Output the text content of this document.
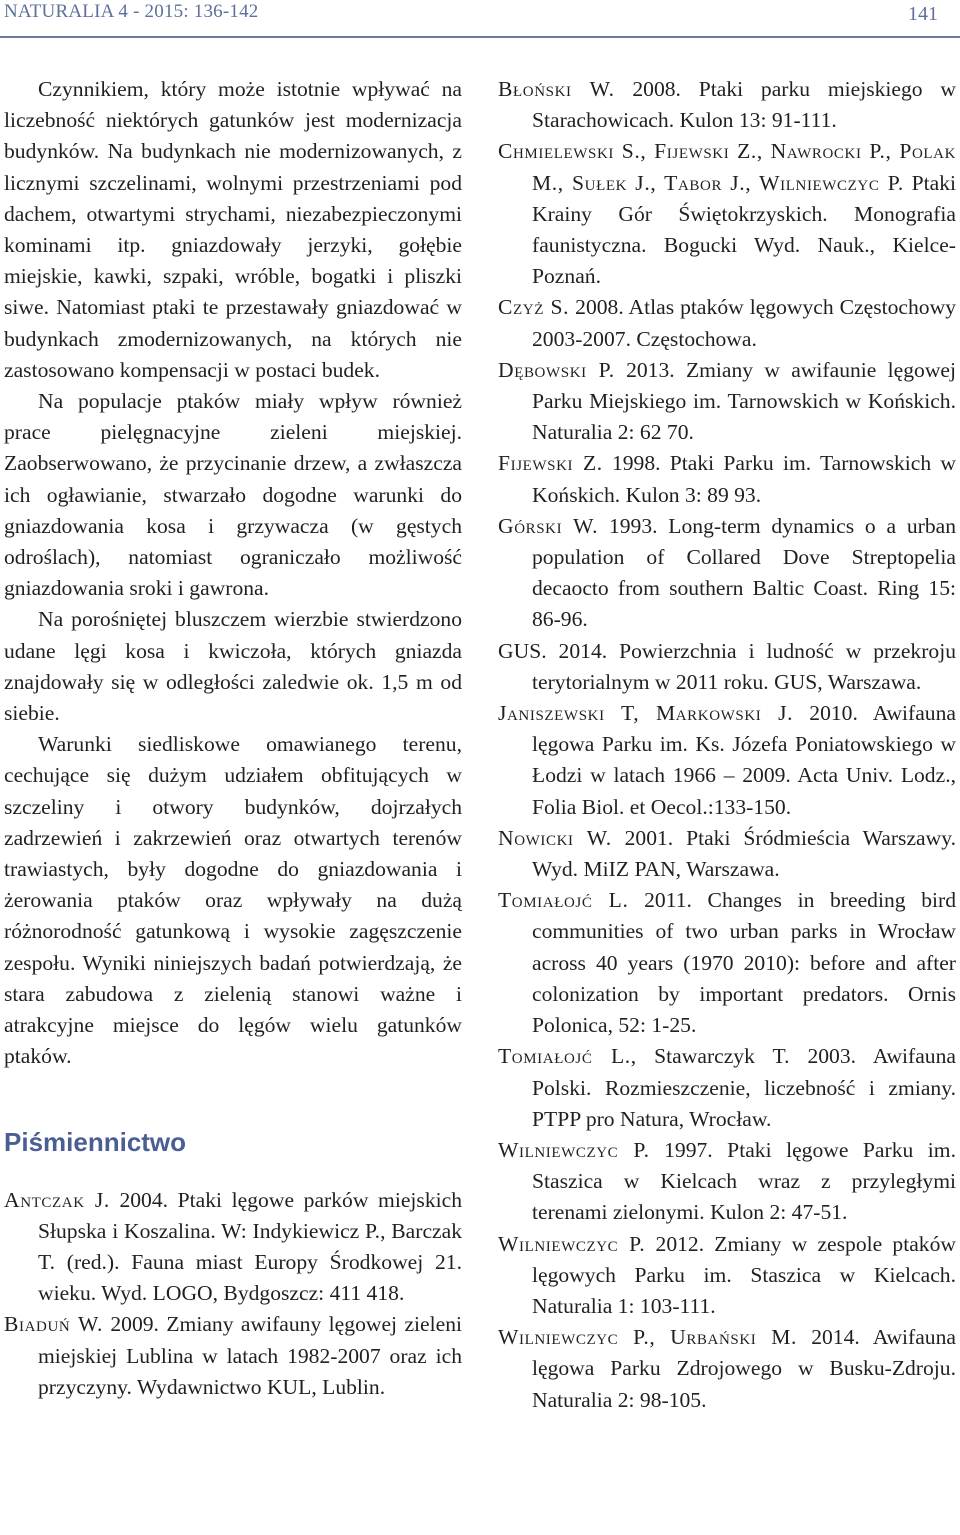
NATURALIA 4 - 2015: 136-142	141

Czynnikiem, który może istotnie wpływać na liczebność niektórych gatunków jest modernizacja budynków. Na budynkach nie modernizowanych, z licznymi szczelinami, wolnymi przestrzeniami pod dachem, otwartymi strychami, niezabezpieczonymi kominami itp. gniazdowały jerzyki, gołębie miejskie, kawki, szpaki, wróble, bogatki i pliszki siwe. Natomiast ptaki te przestawały gniazdować w budynkach zmodernizowanych, na których nie zastosowano kompensacji w postaci budek.

Na populacje ptaków miały wpływ również prace pielęgnacyjne zieleni miejskiej. Zaobserwowano, że przycinanie drzew, a zwłaszcza ich ogławianie, stwarzało dogodne warunki do gniazdowania kosa i grzywacza (w gęstych odroślach), natomiast ograniczało możliwość gniazdowania sroki i gawrona.

Na porośniętej bluszczem wierzbie stwierdzono udane lęgi kosa i kwiczoła, których gniazda znajdowały się w odległości zaledwie ok. 1,5 m od siebie.

Warunki siedliskowe omawianego terenu, cechujące się dużym udziałem obfitujących w szczeliny i otwory budynków, dojrzałych zadrzewień i zakrzewień oraz otwartych terenów trawiastych, były dogodne do gniazdowania i żerowania ptaków oraz wpływały na dużą różnorodność gatunkową i wysokie zagęszczenie zespołu. Wyniki niniejszych badań potwierdzają, że stara zabudowa z zielenią stanowi ważne i atrakcyjne miejsce do lęgów wielu gatunków ptaków.

Piśmiennictwo

Antczak J. 2004. Ptaki lęgowe parków miejskich Słupska i Koszalina. W: Indykiewicz P., Barczak T. (red.). Fauna miast Europy Środkowej 21. wieku. Wyd. LOGO, Bydgoszcz: 411 418.

Biaduń W. 2009. Zmiany awifauny lęgowej zieleni miejskiej Lublina w latach 1982-2007 oraz ich przyczyny. Wydawnictwo KUL, Lublin.

Błoński W. 2008. Ptaki parku miejskiego w Starachowicach. Kulon 13: 91-111.

Chmielewski S., Fijewski Z., Nawrocki P., Polak M., Sułek J., Tabor J., Wilniewczyc P. Ptaki Krainy Gór Świętokrzyskich. Monografia faunistyczna. Bogucki Wyd. Nauk., Kielce-Poznań.

Czyż S. 2008. Atlas ptaków lęgowych Częstochowy 2003-2007. Częstochowa.

Dębowski P. 2013. Zmiany w awifaunie lęgowej Parku Miejskiego im. Tarnowskich w Końskich. Naturalia 2: 62 70.

Fijewski Z. 1998. Ptaki Parku im. Tarnowskich w Końskich. Kulon 3: 89 93.

Górski W. 1993. Long-term dynamics o a urban population of Collared Dove Streptopelia decaocto from southern Baltic Coast. Ring 15: 86-96.

GUS. 2014. Powierzchnia i ludność w przekroju terytorialnym w 2011 roku. GUS, Warszawa.

Janiszewski T, Markowski J. 2010. Awifauna lęgowa Parku im. Ks. Józefa Poniatowskiego w Łodzi w latach 1966 – 2009. Acta Univ. Lodz., Folia Biol. et Oecol.:133-150.

Nowicki W. 2001. Ptaki Śródmieścia Warszawy. Wyd. MiIZ PAN, Warszawa.

Tomiałojć L. 2011. Changes in breeding bird communities of two urban parks in Wrocław across 40 years (1970 2010): before and after colonization by important predators. Ornis Polonica, 52: 1-25.

Tomiałojć L., Stawarczyk T. 2003. Awifauna Polski. Rozmieszczenie, liczebność i zmiany. PTPP pro Natura, Wrocław.

Wilniewczyc P. 1997. Ptaki lęgowe Parku im. Staszica w Kielcach wraz z przyległymi terenami zielonymi. Kulon 2: 47-51.

Wilniewczyc P. 2012. Zmiany w zespole ptaków lęgowych Parku im. Staszica w Kielcach. Naturalia 1: 103-111.

Wilniewczyc P., Urbański M. 2014. Awifauna lęgowa Parku Zdrojowego w Busku-Zdroju. Naturalia 2: 98-105.
